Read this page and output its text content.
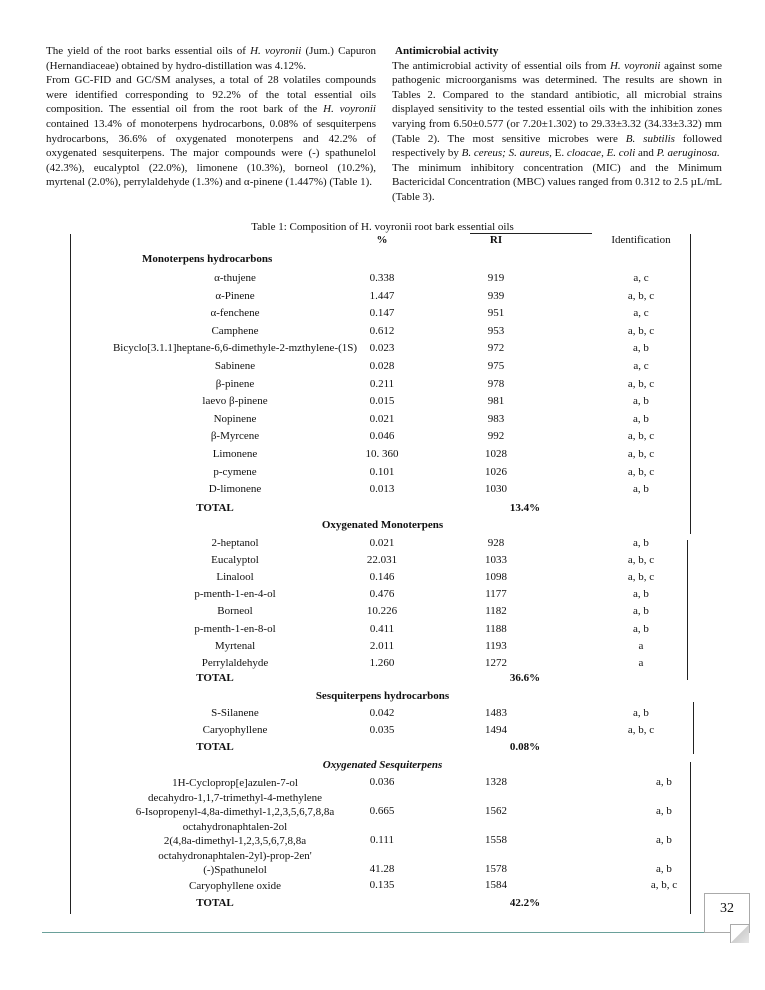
The yield of the root barks essential oils of H. voyronii (Jum.) Capuron (Hernandiaceae) obtained by hydro-distillation was 4.12%.

From GC-FID and GC/SM analyses, a total of 28 volatiles compounds were identified corresponding to 92.2% of the total essential oils composition. The essential oil from the root bark of the H. voyronii contained 13.4% of monoterpens hydrocarbons, 0.08% of sesquiterpens hydrocarbons, 36.6% of oxygenated monoterpens and 42.2% of oxygenated sesquiterpens. The major compounds were (-) spathunelol (42.3%), eucalyptol (22.0%), limonene (10.3%), borneol (10.2%), myrtenal (2.0%), perrylaldehyde (1.3%) and α-pinene (1.447%) (Table 1).

Antimicrobial activity

The antimicrobial activity of essential oils from H. voyronii against some pathogenic microorganisms was determined. The results are shown in Tables 2. Compared to the standard antibiotic, all microbial strains displayed sensitivity to the tested essential oils with the inhibition zones varying from 6.50±0.577 (or 7.20±1.302) to 29.33±3.32 (34.33±3.32) mm (Table 2). The most sensitive microbes were B. subtilis followed respectively by B. cereus; S. aureus, E. cloacae, E. coli and P. aeruginosa.

The minimum inhibitory concentration (MIC) and the Minimum Bactericidal Concentration (MBC) values ranged from 0.312 to 2.5 µL/mL (Table 3).

Table 1: Composition of H. voyronii root bark essential oils
%	RI	Identification
Monoterpens hydrocarbons
α-thujene	0.338	919	a, c
α-Pinene	1.447	939	a, b, c
α-fenchene	0.147	951	a, c
Camphene	0.612	953	a, b, c
Bicyclo[3.1.1]heptane-6,6-dimethyle-2-mzthylene-(1S)	0.023	972	a, b
Sabinene	0.028	975	a, c
β-pinene	0.211	978	a, b, c
laevo β-pinene	0.015	981	a, b
Nopinene	0.021	983	a, b
β-Myrcene	0.046	992	a, b, c
Limonene	10. 360	1028	a, b, c
p-cymene	0.101	1026	a, b, c
D-limonene	0.013	1030	a, b
TOTAL	13.4%
Oxygenated Monoterpens
2-heptanol	0.021	928	a, b
Eucalyptol	22.031	1033	a, b, c
Linalool	0.146	1098	a, b, c
p-menth-1-en-4-ol	0.476	1177	a, b
Borneol	10.226	1182	a, b
p-menth-1-en-8-ol	0.411	1188	a, b
Myrtenal	2.011	1193	a
Perrylaldehyde	1.260	1272	a
TOTAL	36.6%
Sesquiterpens hydrocarbons
S-Silanene	0.042	1483	a, b
Caryophyllene	0.035	1494	a, b, c
TOTAL	0.08%
Oxygenated Sesquiterpens
1H-Cycloprop[e]azulen-7-ol
decahydro-1,1,7-trimethyl-4-methylene
0.036	1328	a, b
6-Isopropenyl-4,8a-dimethyl-1,2,3,5,6,7,8,8a
octahydronaphtalen-2ol
0.665	1562	a, b
2(4,8a-dimethyl-1,2,3,5,6,7,8,8a
octahydronaphtalen-2yl)-prop-2en'
0.111	1558	a, b
(-)Spathunelol	41.28	1578	a, b
Caryophyllene oxide	0.135	1584	a, b, c
TOTAL	42.2%	32
